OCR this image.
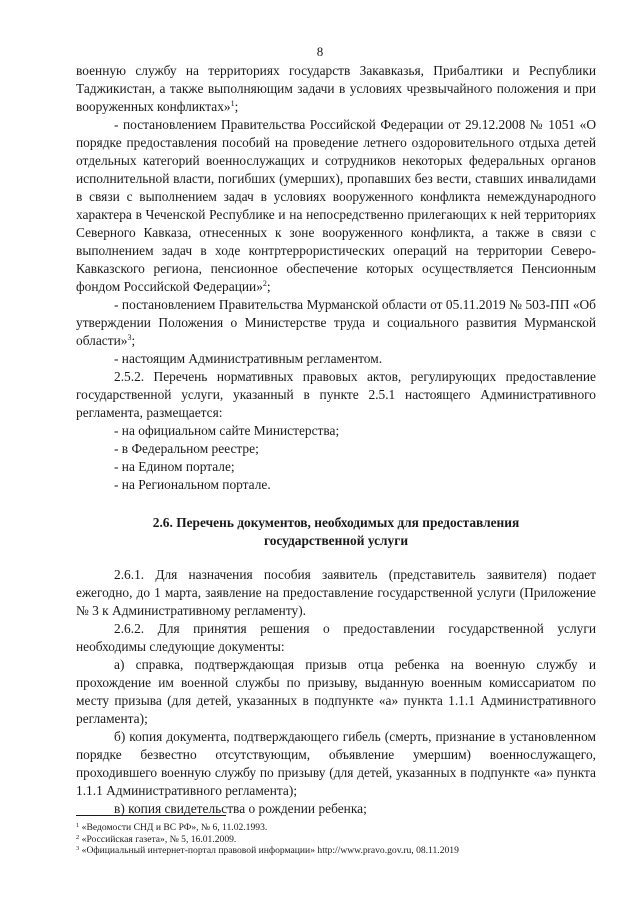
8

военную службу на территориях государств Закавказья, Прибалтики и Республики Таджикистан, а также выполняющим задачи в условиях чрезвычайного положения и при вооруженных конфликтах»$^1$;

- постановлением Правительства Российской Федерации от 29.12.2008 № 1051 «О порядке предоставления пособий на проведение летнего оздоровительного отдыха детей отдельных категорий военнослужащих и сотрудников некоторых федеральных органов исполнительной власти, погибших (умерших), пропавших без вести, ставших инвалидами в связи с выполнением задач в условиях вооруженного конфликта немеждународного характера в Чеченской Республике и на непосредственно прилегающих к ней территориях Северного Кавказа, отнесенных к зоне вооруженного конфликта, а также в связи с выполнением задач в ходе контртеррористических операций на территории Северо- Кавказского региона, пенсионное обеспечение которых осуществляется Пенсионным фондом Российской Федерации»$^2$;

- постановлением Правительства Мурманской области от 05.11.2019 № 503-ПП «Об утверждении Положения о Министерстве труда и социального развития Мурманской области»$^3$;

- настоящим Административным регламентом.

2.5.2. Перечень нормативных правовых актов, регулирующих предоставление государственной услуги, указанный в пункте 2.5.1 настоящего Административного регламента, размещается:

- на официальном сайте Министерства;

- в Федеральном реестре;

- на Едином портале;

- на Региональном портале.

2.6. Перечень документов, необходимых для предоставления
государственной услуги

2.6.1. Для назначения пособия заявитель (представитель заявителя) подает ежегодно, до 1 марта, заявление на предоставление государственной услуги (Приложение № 3 к Административному регламенту).

2.6.2. Для принятия решения о предоставлении государственной услуги необходимы следующие документы:

а) справка, подтверждающая призыв отца ребенка на военную службу и прохождение им военной службы по призыву, выданную военным комиссариатом по месту призыва (для детей, указанных в подпункте «а» пункта 1.1.1 Административного регламента);

б) копия документа, подтверждающего гибель (смерть, признание в установленном порядке безвестно отсутствующим, объявление умершим) военнослужащего, проходившего военную службу по призыву (для детей, указанных в подпункте «а» пункта 1.1.1 Административного регламента);

в) копия свидетельства о рождении ребенка;

$^1$ «Ведомости СНД и ВС РФ», № 6, 11.02.1993.
$^2$ «Российская газета», № 5, 16.01.2009.
$^3$ «Официальный интернет-портал правовой информации» http://www.pravo.gov.ru, 08.11.2019
